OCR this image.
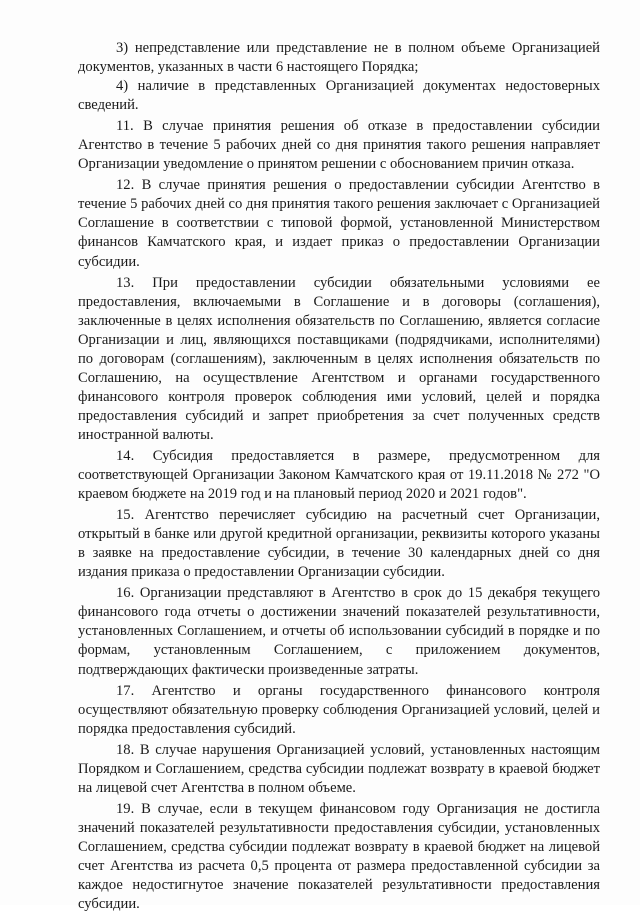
3) непредставление или представление не в полном объеме Организацией документов, указанных в части 6 настоящего Порядка;

4) наличие в представленных Организацией документах недостоверных сведений.

11. В случае принятия решения об отказе в предоставлении субсидии Агентство в течение 5 рабочих дней со дня принятия такого решения направляет Организации уведомление о принятом решении с обоснованием причин отказа.

12. В случае принятия решения о предоставлении субсидии Агентство в течение 5 рабочих дней со дня принятия такого решения заключает с Организацией Соглашение в соответствии с типовой формой, установленной Министерством финансов Камчатского края, и издает приказ о предоставлении Организации субсидии.

13. При предоставлении субсидии обязательными условиями ее предоставления, включаемыми в Соглашение и в договоры (соглашения), заключенные в целях исполнения обязательств по Соглашению, является согласие Организации и лиц, являющихся поставщиками (подрядчиками, исполнителями) по договорам (соглашениям), заключенным в целях исполнения обязательств по Соглашению, на осуществление Агентством и органами государственного финансового контроля проверок соблюдения ими условий, целей и порядка предоставления субсидий и запрет приобретения за счет полученных средств иностранной валюты.

14. Субсидия предоставляется в размере, предусмотренном для соответствующей Организации Законом Камчатского края от 19.11.2018 № 272 "О краевом бюджете на 2019 год и на плановый период 2020 и 2021 годов".

15. Агентство перечисляет субсидию на расчетный счет Организации, открытый в банке или другой кредитной организации, реквизиты которого указаны в заявке на предоставление субсидии, в течение 30 календарных дней со дня издания приказа о предоставлении Организации субсидии.

16. Организации представляют в Агентство в срок до 15 декабря текущего финансового года отчеты о достижении значений показателей результативности, установленных Соглашением, и отчеты об использовании субсидий в порядке и по формам, установленным Соглашением, с приложением документов, подтверждающих фактически произведенные затраты.

17. Агентство и органы государственного финансового контроля осуществляют обязательную проверку соблюдения Организацией условий, целей и порядка предоставления субсидий.

18. В случае нарушения Организацией условий, установленных настоящим Порядком и Соглашением, средства субсидии подлежат возврату в краевой бюджет на лицевой счет Агентства в полном объеме.

19. В случае, если в текущем финансовом году Организация не достигла значений показателей результативности предоставления субсидии, установленных Соглашением, средства субсидии подлежат возврату в краевой бюджет на лицевой счет Агентства из расчета 0,5 процента от размера предоставленной субсидии за каждое недостигнутое значение показателей результативности предоставления субсидии.
